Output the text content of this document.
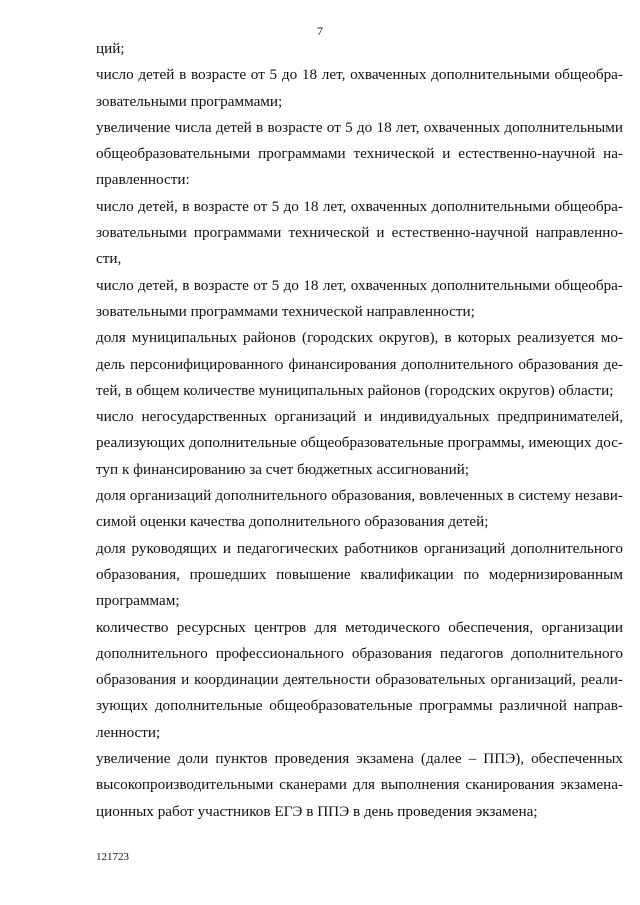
7
ций;
число детей в возрасте от 5 до 18 лет, охваченных дополнительными общеобра-
зовательными программами;
увеличение числа детей в возрасте от 5 до 18 лет, охваченных дополнительными
общеобразовательными программами технической и естественно-научной на-
правленности:
число детей, в возрасте от 5 до 18 лет, охваченных дополнительными общеобра-
зовательными программами технической и естественно-научной направленно-
сти,
число детей, в возрасте от 5 до 18 лет, охваченных дополнительными общеобра-
зовательными программами технической направленности;
доля муниципальных районов (городских округов), в которых реализуется мо-
дель персонифицированного финансирования дополнительного образования де-
тей, в общем количестве муниципальных районов (городских округов) области;
число негосударственных организаций и индивидуальных предпринимателей,
реализующих дополнительные общеобразовательные программы, имеющих дос-
туп к финансированию за счет бюджетных ассигнований;
доля организаций дополнительного образования, вовлеченных в систему незави-
симой оценки качества дополнительного образования детей;
доля руководящих и педагогических работников организаций дополнительного
образования, прошедших повышение квалификации по модернизированным
программам;
количество ресурсных центров для методического обеспечения, организации
дополнительного профессионального образования педагогов дополнительного
образования и координации деятельности образовательных организаций, реали-
зующих дополнительные общеобразовательные программы различной направ-
ленности;
увеличение доли пунктов проведения экзамена (далее – ППЭ), обеспеченных
высокопроизводительными сканерами для выполнения сканирования экзамена-
ционных работ участников ЕГЭ в ППЭ в день проведения экзамена;
121723
